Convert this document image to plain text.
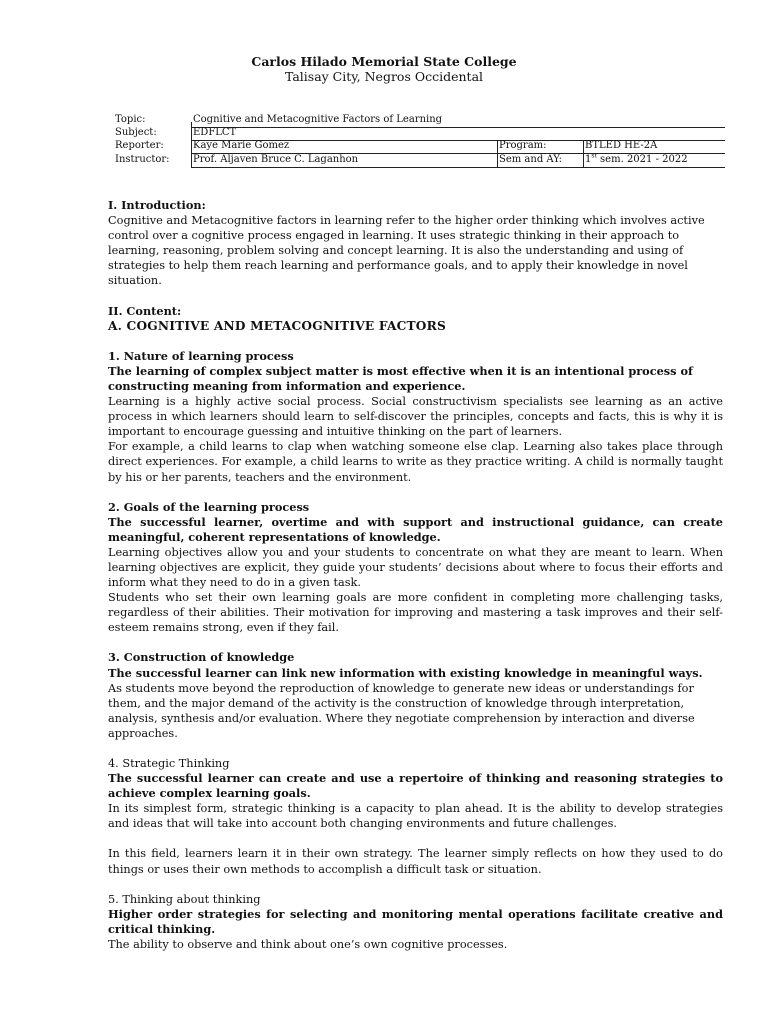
Carlos Hilado Memorial State College
Talisay City, Negros Occidental
Topic:	Cognitive and Metacognitive Factors of Learning
Subject:	EDFLCT
Reporter:	Kaye Marie Gomez	Program:	BTLED HE-2A
Instructor: Prof. Aljaven Bruce C. Laganhon	Sem and AY: 1st sem. 2021 - 2022

I. Introduction:

Cognitive and Metacognitive factors in learning refer to the higher order thinking which involves active control over a cognitive process engaged in learning. It uses strategic thinking in their approach to learning, reasoning, problem solving and concept learning. It is also the understanding and using of strategies to help them reach learning and performance goals, and to apply their knowledge in novel situation.

II. Content:

A. COGNITIVE AND METACOGNITIVE FACTORS

1. Nature of learning process

The learning of complex subject matter is most effective when it is an intentional process of constructing meaning from information and experience.

Learning is a highly active social process. Social constructivism specialists see learning as an active process in which learners should learn to self-discover the principles, concepts and facts, this is why it is important to encourage guessing and intuitive thinking on the part of learners.

For example, a child learns to clap when watching someone else clap. Learning also takes place through direct experiences. For example, a child learns to write as they practice writing. A child is normally taught by his or her parents, teachers and the environment.

2. Goals of the learning process

The successful learner, overtime and with support and instructional guidance, can create meaningful, coherent representations of knowledge.

Learning objectives allow you and your students to concentrate on what they are meant to learn. When learning objectives are explicit, they guide your students’ decisions about where to focus their efforts and inform what they need to do in a given task.

Students who set their own learning goals are more confident in completing more challenging tasks, regardless of their abilities. Their motivation for improving and mastering a task improves and their self-esteem remains strong, even if they fail.

3. Construction of knowledge

The successful learner can link new information with existing knowledge in meaningful ways.

As students move beyond the reproduction of knowledge to generate new ideas or understandings for them, and the major demand of the activity is the construction of knowledge through interpretation, analysis, synthesis and/or evaluation. Where they negotiate comprehension by interaction and diverse approaches.

4. Strategic Thinking

The successful learner can create and use a repertoire of thinking and reasoning strategies to achieve complex learning goals.

In its simplest form, strategic thinking is a capacity to plan ahead. It is the ability to develop strategies and ideas that will take into account both changing environments and future challenges.

In this field, learners learn it in their own strategy. The learner simply reflects on how they used to do things or uses their own methods to accomplish a difficult task or situation.

5. Thinking about thinking

Higher order strategies for selecting and monitoring mental operations facilitate creative and critical thinking.

The ability to observe and think about one’s own cognitive processes.
